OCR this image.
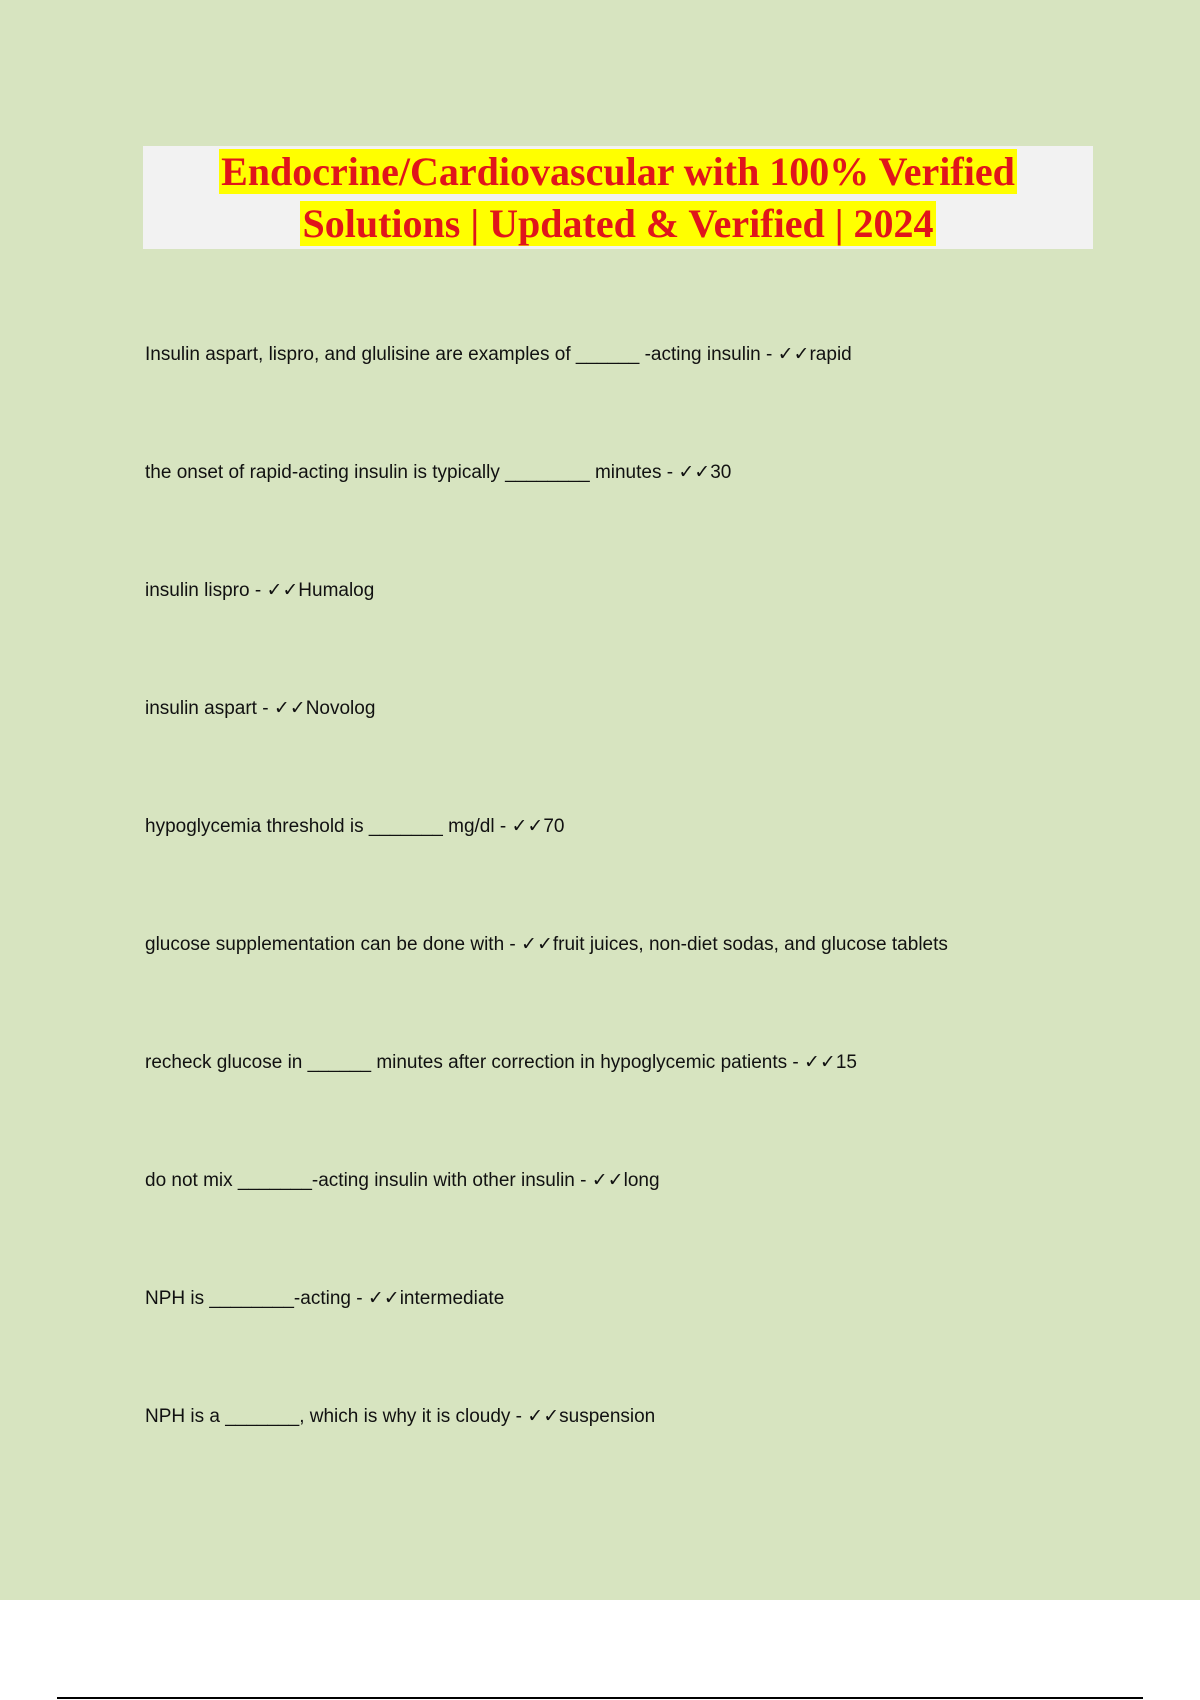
Endocrine/Cardiovascular with 100% Verified
Solutions | Updated & Verified | 2024
Insulin aspart, lispro, and glulisine are examples of ______ -acting insulin - ✓✓rapid
the onset of rapid-acting insulin is typically ________ minutes - ✓✓30
insulin lispro - ✓✓Humalog
insulin aspart - ✓✓Novolog
hypoglycemia threshold is _______ mg/dl - ✓✓70
glucose supplementation can be done with - ✓✓fruit juices, non-diet sodas, and glucose tablets
recheck glucose in ______ minutes after correction in hypoglycemic patients - ✓✓15
do not mix _______-acting insulin with other insulin - ✓✓long
NPH is ________-acting - ✓✓intermediate
NPH is a _______, which is why it is cloudy - ✓✓suspension
